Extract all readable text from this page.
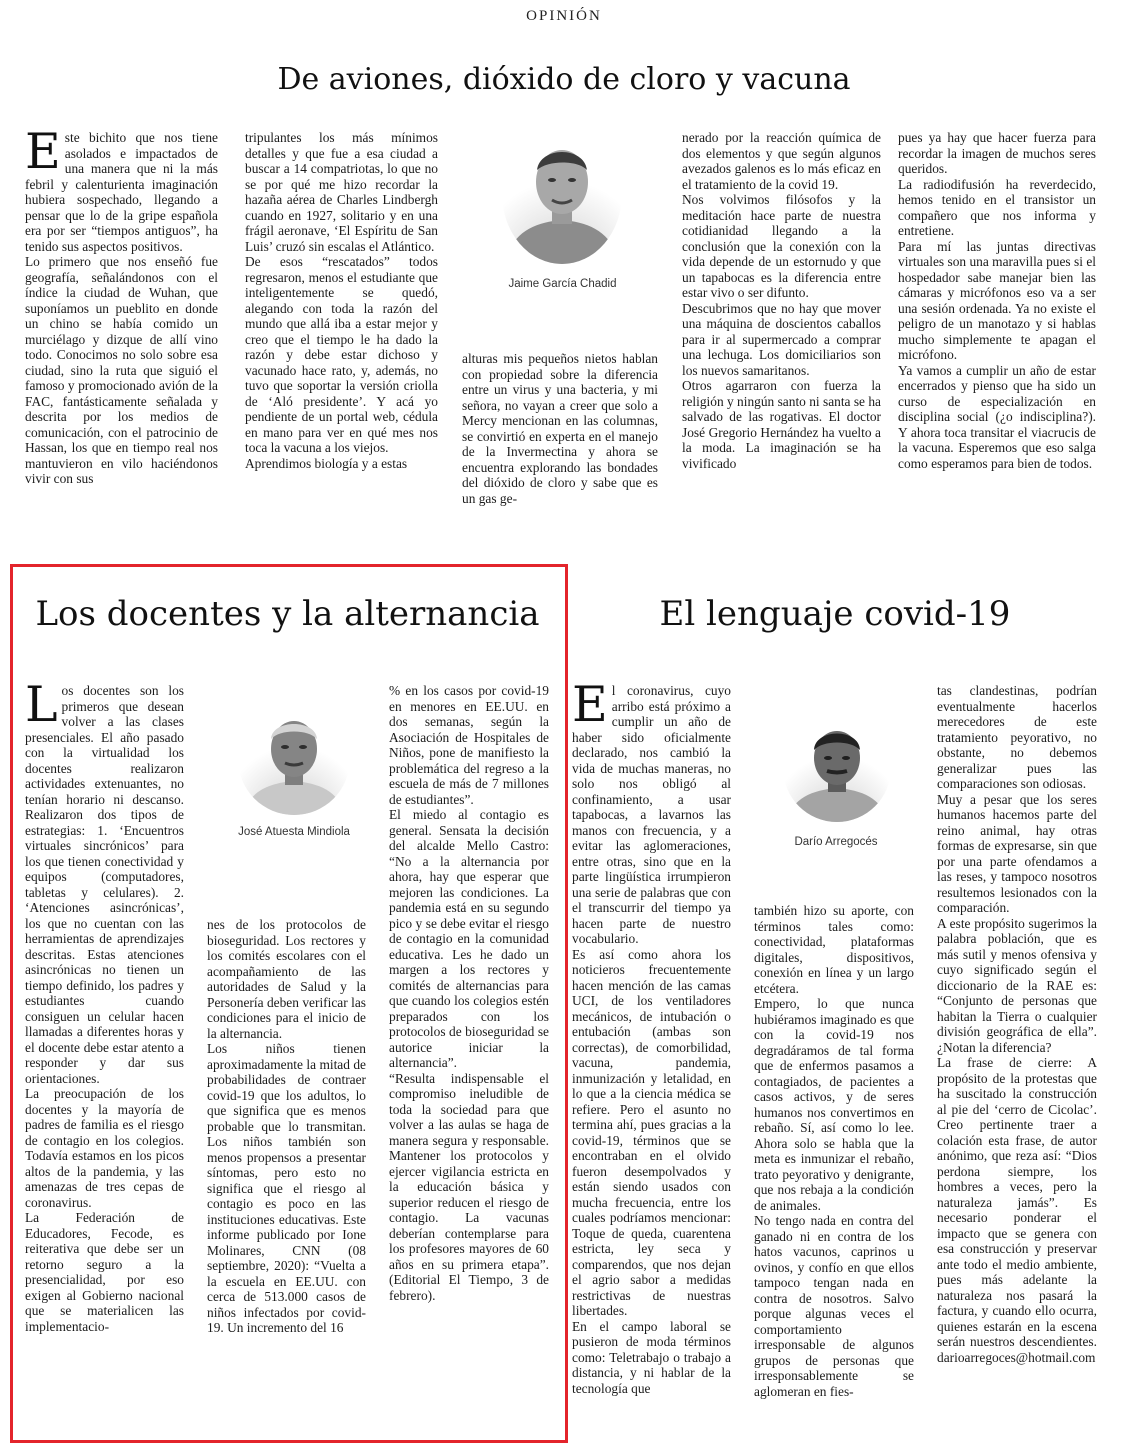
OPINIÓN
De aviones, dióxido de cloro y vacuna
E ste bichito que nos tiene asolados e impactados de una manera que ni la más febril y calenturienta imaginación hubiera sospechado, llegando a pensar que lo de la gripe española era por ser “tiempos antiguos”, ha tenido sus aspectos positivos.

Lo primero que nos enseñó fue geografía, señalándonos con el índice la ciudad de Wuhan, que suponíamos un pueblito en donde un chino se había comido un murciélago y dizque de allí vino todo. Conocimos no solo sobre esa ciudad, sino la ruta que siguió el famoso y promocionado avión de la FAC, fantásticamente señalada y descrita por los medios de comunicación, con el patrocinio de Hassan, los que en tiempo real nos mantuvieron en vilo haciéndonos vivir con sus

tripulantes los más mínimos detalles y que fue a esa ciudad a buscar a 14 compatriotas, lo que no se por qué me hizo recordar la hazaña aérea de Charles Lindbergh cuando en 1927, solitario y en una frágil aeronave, ‘El Espíritu de San Luis’ cruzó sin escalas el Atlántico.

De esos “rescatados” todos regresaron, menos el estudiante que inteligentemente se quedó, alegando con toda la razón del mundo que allá iba a estar mejor y creo que el tiempo le ha dado la razón y debe estar dichoso y vacunado hace rato, y, además, no tuvo que soportar la versión criolla de ‘Aló presidente’. Y acá yo pendiente de un portal web, cédula en mano para ver en qué mes nos toca la vacuna a los viejos.

Aprendimos biología y a estas

Jaime García Chadid

alturas mis pequeños nietos hablan con propiedad sobre la diferencia entre un virus y una bacteria, y mi señora, no vayan a creer que solo a Mercy mencionan en las columnas, se convirtió en experta en el manejo de la Invermectina y ahora se encuentra explorando las bondades del dióxido de cloro y sabe que es un gas ge-

nerado por la reacción química de dos elementos y que según algunos avezados galenos es lo más eficaz en el tratamiento de la covid 19.

Nos volvimos filósofos y la meditación hace parte de nuestra cotidianidad llegando a la conclusión que la conexión con la vida depende de un estornudo y que un tapabocas es la diferencia entre estar vivo o ser difunto.

Descubrimos que no hay que mover una máquina de doscientos caballos para ir al supermercado a comprar una lechuga. Los domiciliarios son los nuevos samaritanos.

Otros agarraron con fuerza la religión y ningún santo ni santa se ha salvado de las rogativas. El doctor José Gregorio Hernández ha vuelto a la moda. La imaginación se ha vivificado

pues ya hay que hacer fuerza para recordar la imagen de muchos seres queridos.

La radiodifusión ha reverdecido, hemos tenido en el transistor un compañero que nos informa y entretiene.

Para mí las juntas directivas virtuales son una maravilla pues si el hospedador sabe manejar bien las cámaras y micrófonos eso va a ser una sesión ordenada. Ya no existe el peligro de un manotazo y si hablas mucho simplemente te apagan el micrófono.

Ya vamos a cumplir un año de estar encerrados y pienso que ha sido un curso de especialización en disciplina social (¿o indisciplina?). Y ahora toca transitar el viacrucis de la vacuna. Esperemos que eso salga como esperamos para bien de todos.

Los docentes y la alternancia
L os docentes son los primeros que desean volver a las clases presenciales. El año pasado con la virtualidad los docentes realizaron actividades extenuantes, no tenían horario ni descanso. Realizaron dos tipos de estrategias: 1. ‘Encuentros virtuales sincrónicos’ para los que tienen conectividad y equipos (computadores, tabletas y celulares). 2. ‘Atenciones asincrónicas’, los que no cuentan con las herramientas de aprendizajes descritas. Estas atenciones asincrónicas no tienen un tiempo definido, los padres y estudiantes cuando consiguen un celular hacen llamadas a diferentes horas y el docente debe estar atento a responder y dar sus orientaciones.

La preocupación de los docentes y la mayoría de padres de familia es el riesgo de contagio en los colegios. Todavía estamos en los picos altos de la pandemia, y las amenazas de tres cepas de coronavirus.

La Federación de Educadores, Fecode, es reiterativa que debe ser un retorno seguro a la presencialidad, por eso exigen al Gobierno nacional que se materialicen las implementacio-

José Atuesta Mindiola

nes de los protocolos de bioseguridad. Los rectores y los comités escolares con el acompañamiento de las autoridades de Salud y la Personería deben verificar las condiciones para el inicio de la alternancia.

Los niños tienen aproximadamente la mitad de probabilidades de contraer covid-19 que los adultos, lo que significa que es menos probable que lo transmitan. Los niños también son menos propensos a presentar síntomas, pero esto no significa que el riesgo al contagio es poco en las instituciones educativas. Este informe publicado por Ione Molinares, CNN (08 septiembre, 2020): “Vuelta a la escuela en EE.UU. con cerca de 513.000 casos de niños infectados por covid-19. Un incremento del 16

% en los casos por covid-19 en menores en EE.UU. en dos semanas, según la Asociación de Hospitales de Niños, pone de manifiesto la problemática del regreso a la escuela de más de 7 millones de estudiantes”.

El miedo al contagio es general. Sensata la decisión del alcalde Mello Castro: “No a la alternancia por ahora, hay que esperar que mejoren las condiciones. La pandemia está en su segundo pico y se debe evitar el riesgo de contagio en la comunidad educativa. Les he dado un margen a los rectores y comités de alternancias para que cuando los colegios estén preparados con los protocolos de bioseguridad se autorice iniciar la alternancia”.

“Resulta indispensable el compromiso ineludible de toda la sociedad para que volver a las aulas se haga de manera segura y responsable. Mantener los protocolos y ejercer vigilancia estricta en la educación básica y superior reducen el riesgo de contagio. La vacunas deberían contemplarse para los profesores mayores de 60 años en su primera etapa”. (Editorial El Tiempo, 3 de febrero).

El lenguaje covid-19
E l coronavirus, cuyo arribo está próximo a cumplir un año de haber sido oficialmente declarado, nos cambió la vida de muchas maneras, no solo nos obligó al confinamiento, a usar tapabocas, a lavarnos las manos con frecuencia, y a evitar las aglomeraciones, entre otras, sino que en la parte lingüística irrumpieron una serie de palabras que con el transcurrir del tiempo ya hacen parte de nuestro vocabulario.

Es así como ahora los noticieros frecuentemente hacen mención de las camas UCI, de los ventiladores mecánicos, de intubación o entubación (ambas son correctas), de comorbilidad, vacuna, pandemia, inmunización y letalidad, en lo que a la ciencia médica se refiere. Pero el asunto no termina ahí, pues gracias a la covid-19, términos que se encontraban en el olvido fueron desempolvados y están siendo usados con mucha frecuencia, entre los cuales podríamos mencionar: Toque de queda, cuarentena estricta, ley seca y comparendos, que nos dejan el agrio sabor a medidas restrictivas de nuestras libertades.

En el campo laboral se pusieron de moda términos como: Teletrabajo o trabajo a distancia, y ni hablar de la tecnología que

Darío Arregocés

también hizo su aporte, con términos tales como: conectividad, plataformas digitales, dispositivos, conexión en línea y un largo etcétera.

Empero, lo que nunca hubiéramos imaginado es que con la covid-19 nos degradáramos de tal forma que de enfermos pasamos a contagiados, de pacientes a casos activos, y de seres humanos nos convertimos en rebaño. Sí, así como lo lee. Ahora solo se habla que la meta es inmunizar el rebaño, trato peyorativo y denigrante, que nos rebaja a la condición de animales.

No tengo nada en contra del ganado ni en contra de los hatos vacunos, caprinos u ovinos, y confío en que ellos tampoco tengan nada en contra de nosotros. Salvo porque algunas veces el comportamiento irresponsable de algunos grupos de personas que irresponsablemente se aglomeran en fies-

tas clandestinas, podrían eventualmente hacerlos merecedores de este tratamiento peyorativo, no obstante, no debemos generalizar pues las comparaciones son odiosas.

Muy a pesar que los seres humanos hacemos parte del reino animal, hay otras formas de expresarse, sin que por una parte ofendamos a las reses, y tampoco nosotros resultemos lesionados con la comparación.

A este propósito sugerimos la palabra población, que es más sutil y menos ofensiva y cuyo significado según el diccionario de la RAE es: “Conjunto de personas que habitan la Tierra o cualquier división geográfica de ella”. ¿Notan la diferencia?

La frase de cierre: A propósito de la protestas que ha suscitado la construcción al pie del ‘cerro de Cicolac’. Creo pertinente traer a colación esta frase, de autor anónimo, que reza así: “Dios perdona siempre, los hombres a veces, pero la naturaleza jamás”. Es necesario ponderar el impacto que se genera con esa construcción y preservar ante todo el medio ambiente, pues más adelante la naturaleza nos pasará la factura, y cuando ello ocurra, quienes estarán en la escena serán nuestros descendientes. darioarregoces@hotmail.com
